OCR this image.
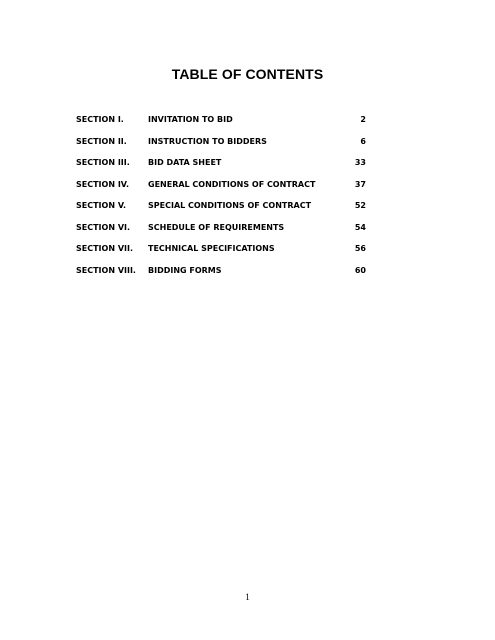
TABLE OF CONTENTS
SECTION I.	INVITATION TO BID	2
SECTION II.	INSTRUCTION TO BIDDERS	6
SECTION III. BID DATA SHEET	33
SECTION IV. GENERAL CONDITIONS OF CONTRACT	37
SECTION V.	SPECIAL CONDITIONS OF CONTRACT	52
SECTION VI. SCHEDULE OF REQUIREMENTS	54
SECTION VII. TECHNICAL SPECIFICATIONS	56
SECTION VIII. BIDDING FORMS	60
1
